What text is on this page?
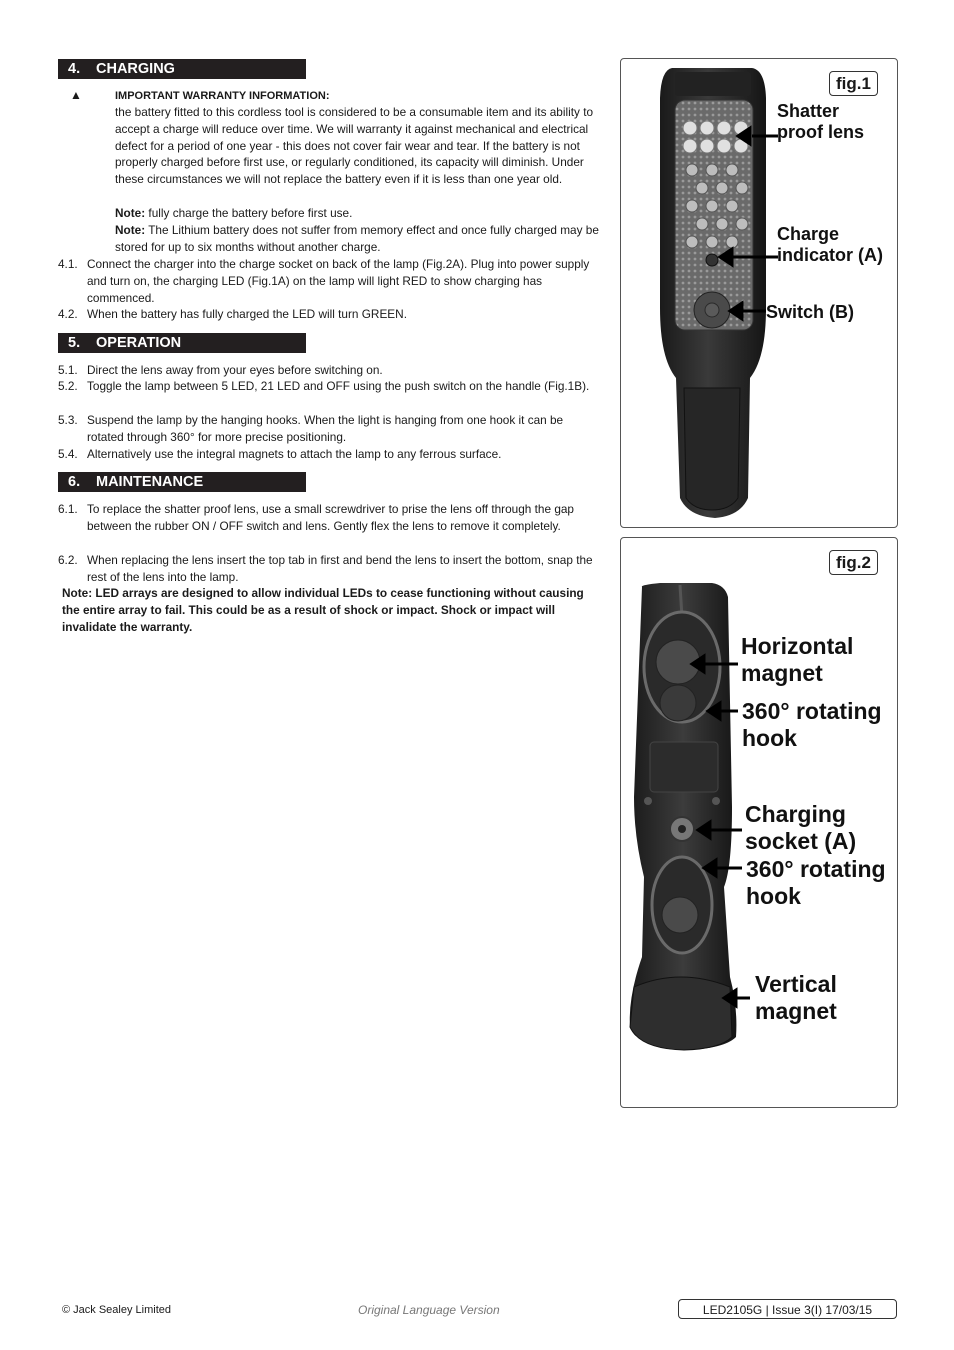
4. CHARGING
▲	IMPORTANT WARRANTY INFORMATION:
the battery fitted to this cordless tool is considered to be a consumable item and its ability to accept a charge will reduce over time. We will warranty it against mechanical and electrical defect for a period of one year - this does not cover fair wear and tear. If the battery is not properly charged before first use, or regularly conditioned, its capacity will diminish. Under these circumstances we will not replace the battery even if it is less than one year old.
Note: fully charge the battery before first use.
Note: The Lithium battery does not suffer from memory effect and once fully charged may be stored for up to six months without another charge.
4.1. Connect the charger into the charge socket on back of the lamp (Fig.2A). Plug into power supply and turn on, the charging LED (Fig.1A) on the lamp will light RED to show charging has commenced.
4.2. When the battery has fully charged the LED will turn GREEN.
5. OPERATION
5.1. Direct the lens away from your eyes before switching on.
5.2. Toggle the lamp between 5 LED, 21 LED and OFF using the push switch on the handle (Fig.1B).
5.3. Suspend the lamp by the hanging hooks. When the light is hanging from one hook it can be rotated through 360° for more precise positioning.
5.4. Alternatively use the integral magnets to attach the lamp to any ferrous surface.
6. MAINTENANCE
6.1. To replace the shatter proof lens, use a small screwdriver to prise the lens off through the gap between the rubber ON / OFF switch and lens. Gently flex the lens to remove it completely.
6.2. When replacing the lens insert the top tab in first and bend the lens to insert the bottom, snap the rest of the lens into the lamp.
Note: LED arrays are designed to allow individual LEDs to cease functioning without causing the entire array to fail. This could be as a result of shock or impact. Shock or impact will invalidate the warranty.
fig.1
Shatter proof lens
Charge indicator (A)
Switch (B)
fig.2
Horizontal magnet
360° rotating hook
Charging socket (A)
360° rotating hook
Vertical magnet
© Jack Sealey Limited	Original Language Version	LED2105G | Issue 3(I) 17/03/15
